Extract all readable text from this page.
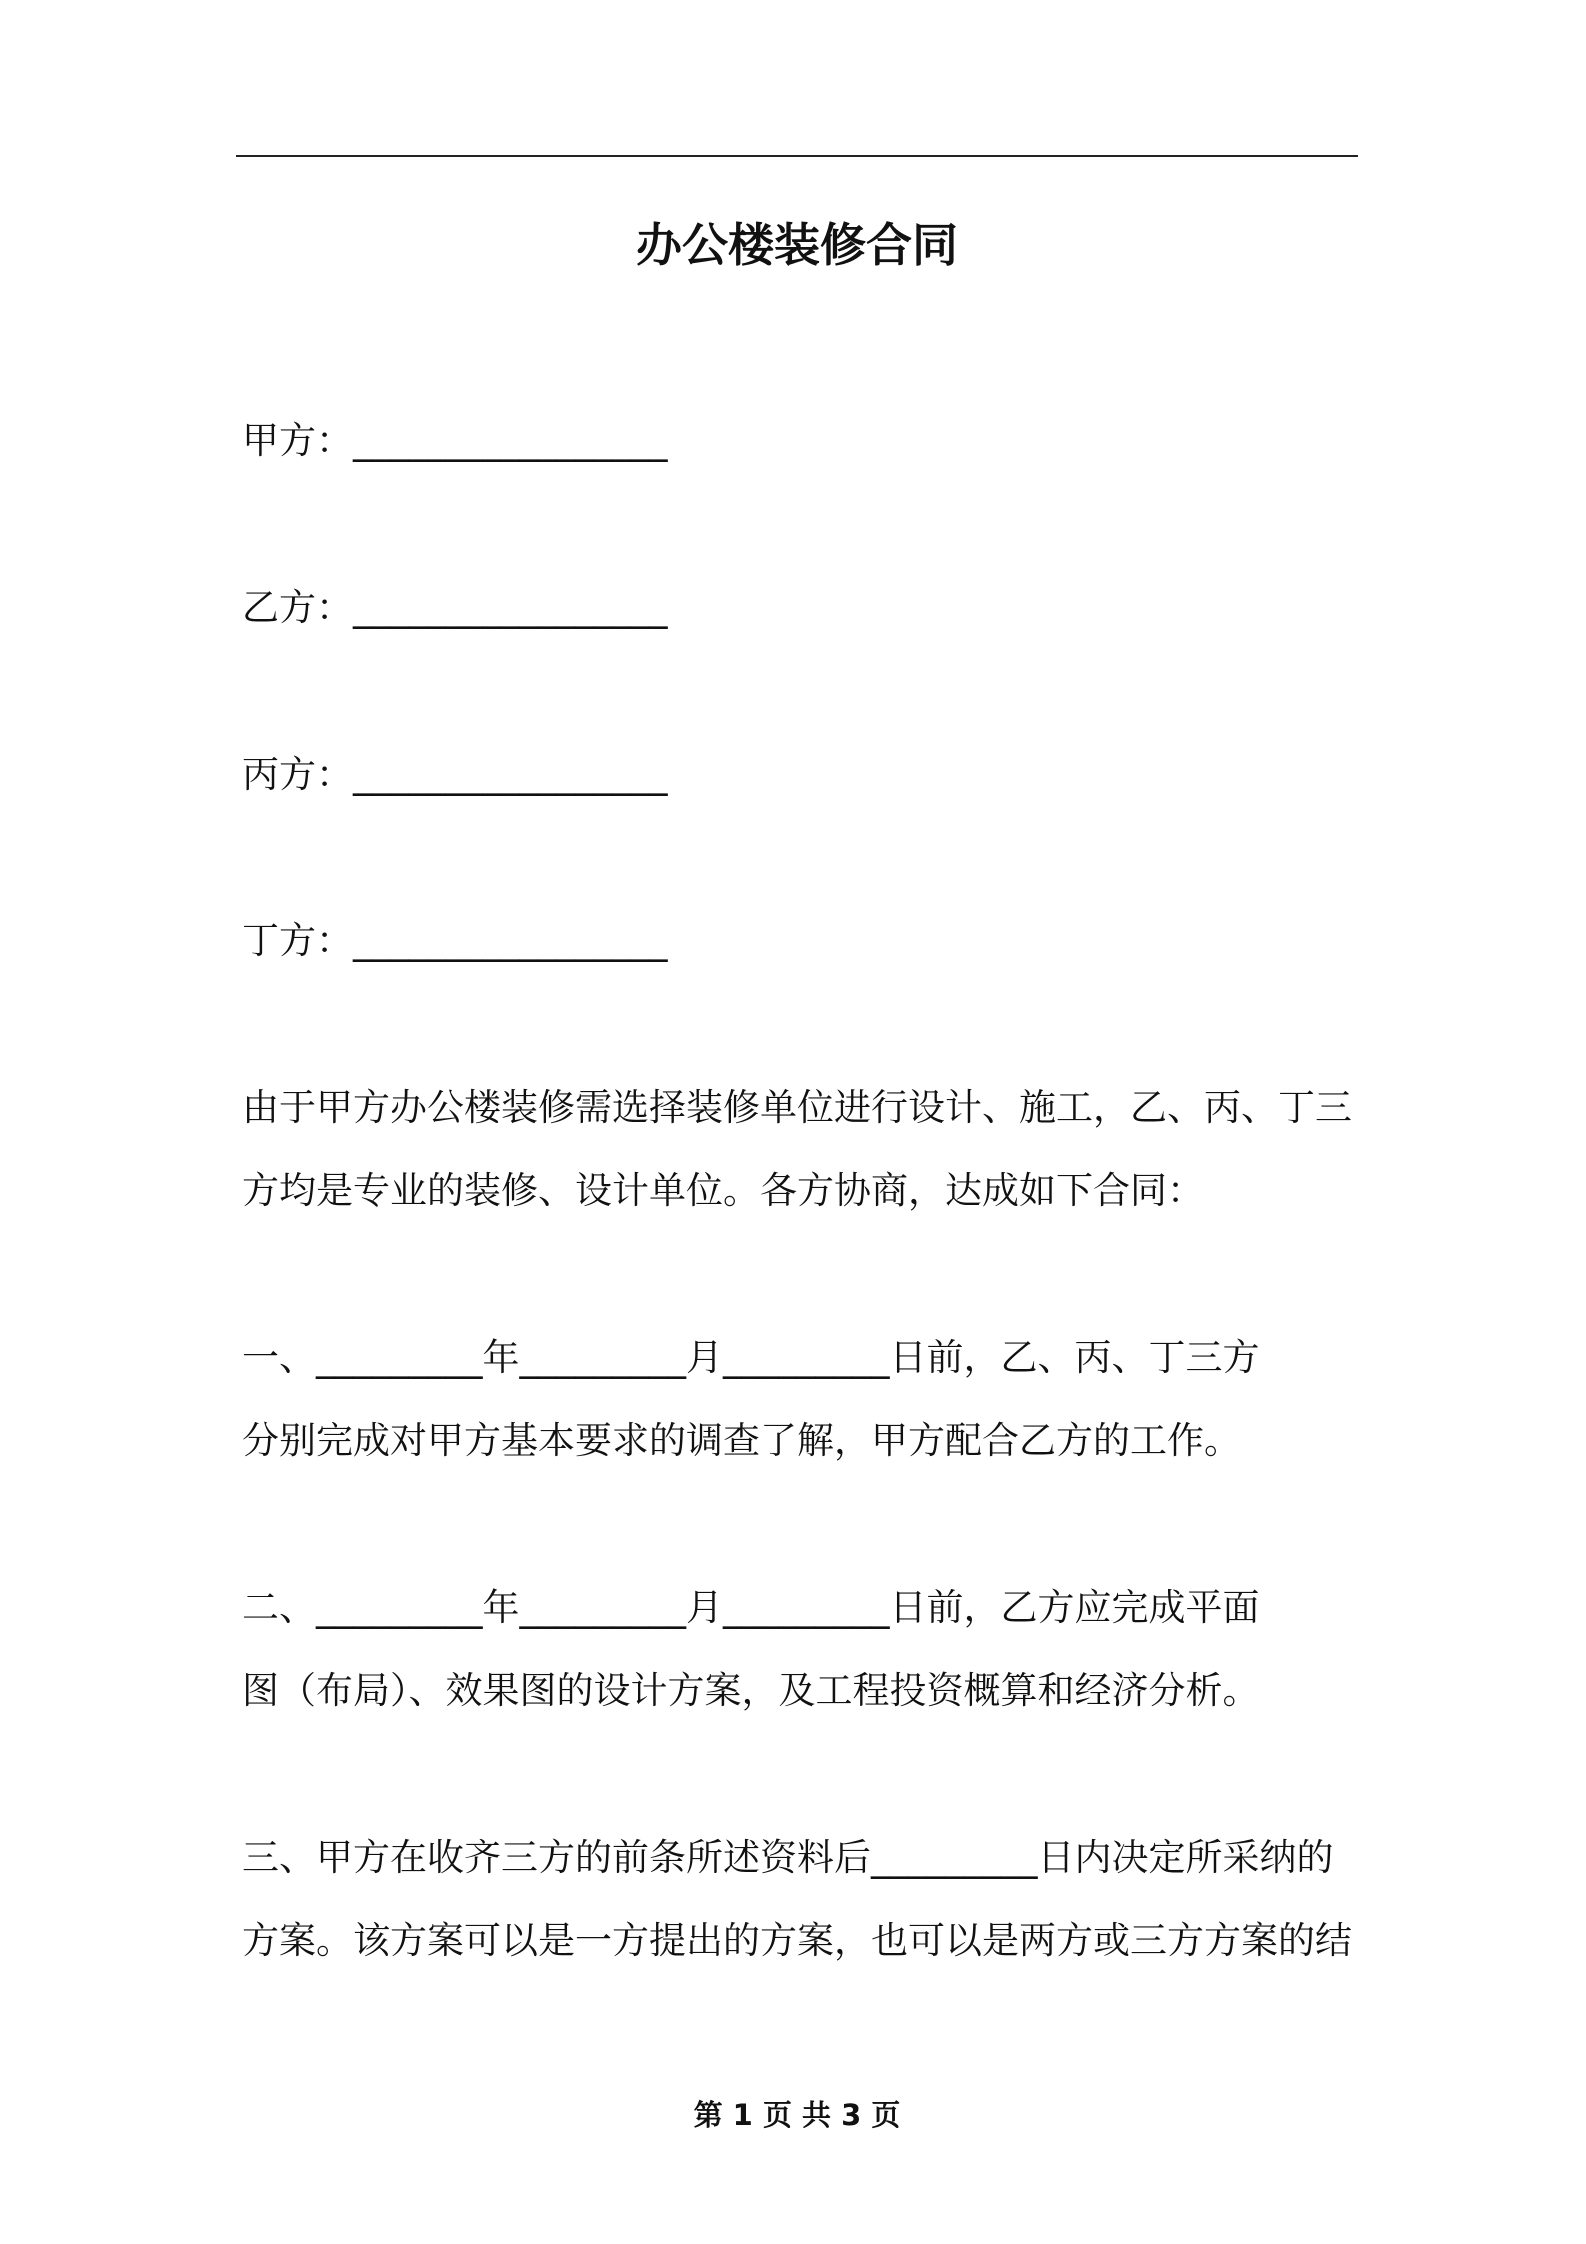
办公楼装修合同
甲方：_________________
乙方：_________________
丙方：_________________
丁方：_________________
由于甲方办公楼装修需选择装修单位进行设计、施工，乙、丙、丁三
方均是专业的装修、设计单位。各方协商，达成如下合同：
一、_________年_________月_________日前，乙、丙、丁三方
分别完成对甲方基本要求的调查了解，甲方配合乙方的工作。
二、_________年_________月_________日前，乙方应完成平面
图（布局）、效果图的设计方案，及工程投资概算和经济分析。
三、甲方在收齐三方的前条所述资料后_________日内决定所采纳的
方案。该方案可以是一方提出的方案，也可以是两方或三方方案的结
第 1 页 共 3 页
